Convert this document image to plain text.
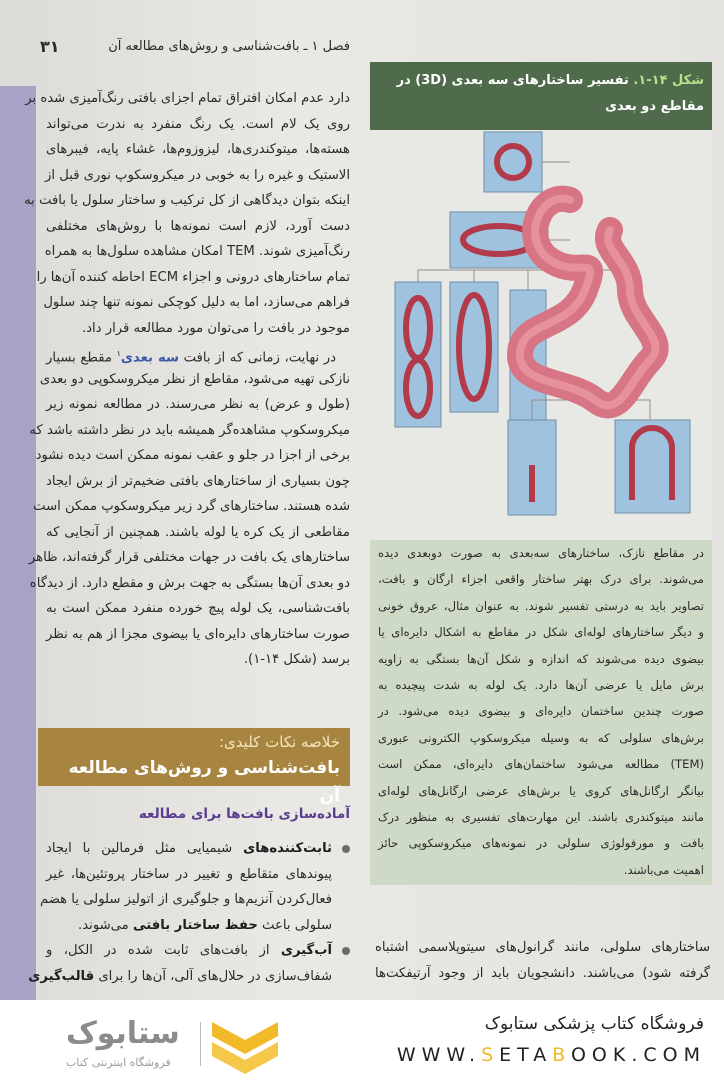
فصل ۱ ـ بافت‌شناسی و روش‌های مطالعه آن
۳۱
دارد عدم امکان افتراق تمام اجزای بافتی رنگ‌آمیزی شده بر
روی یک لام است. یک رنگ منفرد به ندرت می‌تواند
هسته‌ها، میتوکندری‌ها، لیزوزوم‌ها، غشاء پایه، فیبرهای
الاستیک و غیره را به خوبی در میکروسکوپ نوری قبل از
اینکه بتوان دیدگاهی از کل ترکیب و ساختار سلول یا بافت به
دست آورد، لازم است نمونه‌ها با روش‌های مختلفی
رنگ‌آمیزی شوند. TEM امکان مشاهده سلول‌ها به همراه
تمام ساختارهای درونی و اجزاء ECM احاطه کننده آن‌ها را
فراهم می‌سازد، اما به دلیل کوچکی نمونه تنها چند سلول
موجود در بافت را می‌توان مورد مطالعه قرار داد.
در نهایت، زمانی که از بافت سه بعدی$^۱$ مقطع بسیار
نازکی تهیه می‌شود، مقاطع از نظر میکروسکوپی دو بعدی
(طول و عرض) به نظر می‌رسند. در مطالعه نمونه زیر
میکروسکوپ مشاهده‌گر همیشه باید در نظر داشته باشد که
برخی از اجزا در جلو و عقب نمونه ممکن است دیده نشود
چون بسیاری از ساختارهای بافتی ضخیم‌تر از برش ایجاد
شده هستند. ساختارهای گرد زیر میکروسکوپ ممکن است
مقاطعی از یک کره یا لوله باشند. همچنین از آنجایی که
ساختارهای یک بافت در جهات مختلفی قرار گرفته‌اند، ظاهر
دو بعدی آن‌ها بستگی به جهت برش و مقطع دارد. از دیدگاه
بافت‌شناسی، یک لوله پیچ خورده منفرد ممکن است به
صورت ساختارهای دایره‌ای یا بیضوی مجزا از هم به نظر
برسد (شکل ۱۴-۱).
شکل ۱۴-۱. تفسیر ساختارهای سه بعدی (3D) در مقاطع دو بعدی
در مقاطع نازک، ساختارهای سه‌بعدی به صورت دوبعدی دیده
می‌شوند. برای درک بهتر ساختار واقعی اجزاء ارگان و بافت،
تصاویر باید به درستی تفسیر شوند. به عنوان مثال، عروق خونی
و دیگر ساختارهای لوله‌ای شکل در مقاطع به اشکال دایره‌ای یا
بیضوی دیده می‌شوند که اندازه و شکل آن‌ها بستگی به زاویه
برش مایل یا عرضی آن‌ها دارد. یک لوله به شدت پیچیده به
صورت چندین ساختمان دایره‌ای و بیضوی دیده می‌شود. در
برش‌های سلولی که به وسیله میکروسکوپ الکترونی عبوری
(TEM) مطالعه می‌شود ساختمان‌های دایره‌ای، ممکن است
بیانگر ارگانل‌های کروی یا برش‌های عرضی ارگانل‌های لوله‌ای
مانند میتوکندری باشند. این مهارت‌های تفسیری به منظور درک
بافت و مورفولوژی سلولی در نمونه‌های میکروسکوپی حائز
اهمیت می‌باشند.
خلاصه نکات کلیدی:
بافت‌شناسی و روش‌های مطالعه آن
آماده‌سازی بافت‌ها برای مطالعه
ثابت‌کننده‌های شیمیایی مثل فرمالین با ایجاد
پیوندهای متقاطع و تغییر در ساختار پروتئین‌ها، غیر
فعال‌کردن آنزیم‌ها و جلوگیری از اتولیز سلولی یا هضم
سلولی باعث حفظ ساختار بافتی می‌شوند.
آب‌گیری از بافت‌های ثابت شده در الکل، و
شفاف‌سازی در حلال‌های آلی، آن‌ها را برای قالب‌گیری
ساختارهای سلولی، مانند گرانول‌های سیتوپلاسمی اشتباه
گرفته شود) می‌باشند. دانشجویان باید از وجود آرتیفکت‌ها
ستابوک
فروشگاه اینترنتی کتاب
فروشگاه کتاب پزشکی ستابوک
WWW.SETABOOK.COM
